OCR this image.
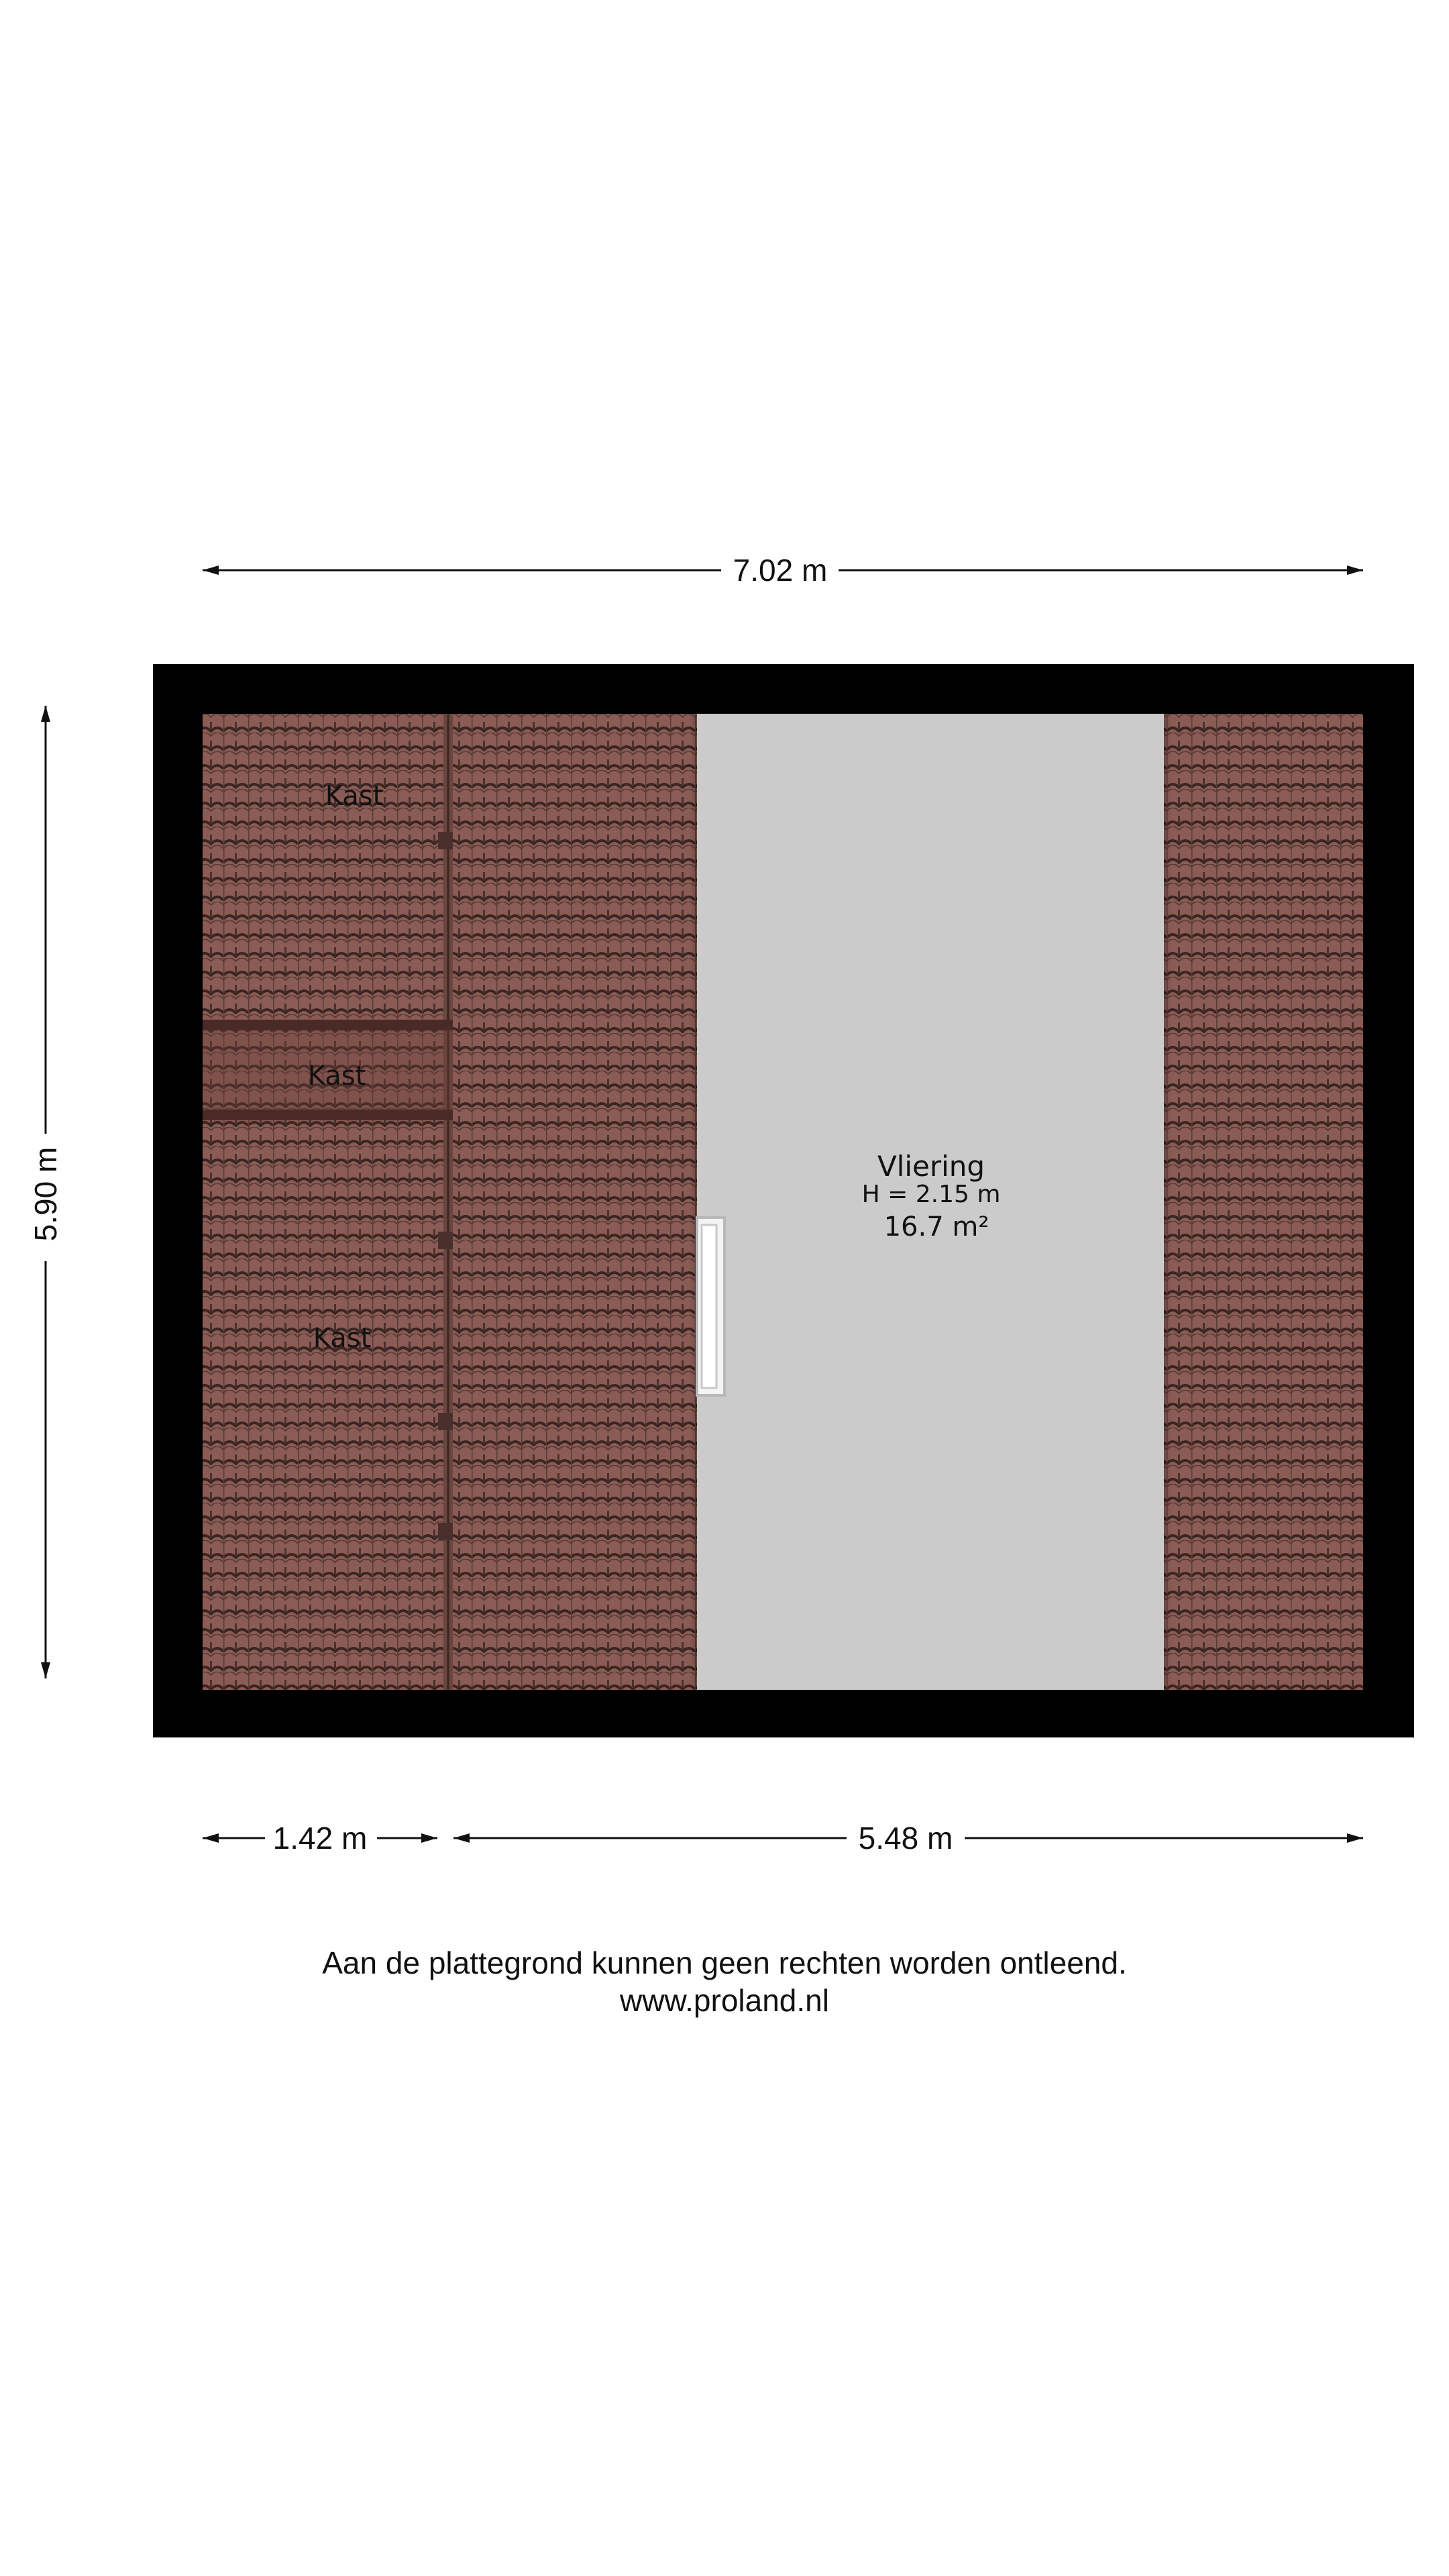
Kast
Kast
Kast
Vliering
H = 2.15 m
16.7 m²
7.02 m
5.90 m
1.42 m	5.48 m
Aan de plattegrond kunnen geen rechten worden ontleend.
www.proland.nl
